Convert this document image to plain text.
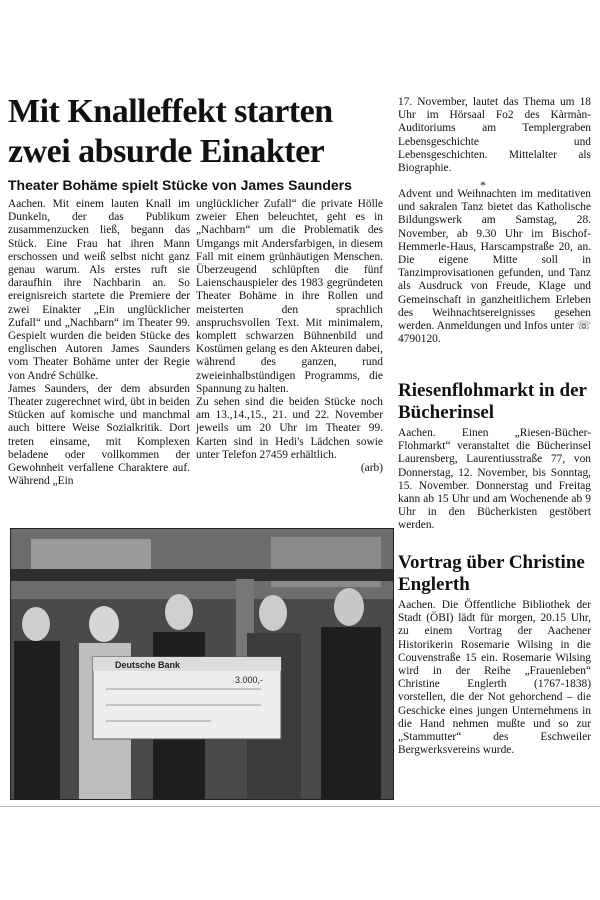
Mit Knalleffekt starten zwei absurde Einakter
Theater Bohäme spielt Stücke von James Saunders

Aachen. Mit einem lauten Knall im Dunkeln, der das Publikum zusammenzucken ließ, begann das Stück. Eine Frau hat ihren Mann erschossen und weiß selbst nicht ganz genau warum. Als erstes ruft sie daraufhin ihre Nachbarin an. So ereignisreich startete die Premiere der zwei Einakter „Ein unglücklicher Zufall“ und „Nachbarn“ im Theater 99. Gespielt wurden die beiden Stücke des englischen Autoren James Saunders vom Theater Bohäme unter der Regie von André Schülke.

James Saunders, der dem absurden Theater zugerechnet wird, übt in beiden Stücken auf komische und manchmal auch bittere Weise Sozialkritik. Dort treten einsame, mit Komplexen beladene oder vollkommen der Gewohnheit verfallene Charaktere auf. Während „Ein

unglücklicher Zufall“ die private Hölle zweier Ehen beleuchtet, geht es in „Nachbarn“ um die Problematik des Umgangs mit Andersfarbigen, in diesem Fall mit einem grünhäutigen Menschen. Überzeugend schlüpften die fünf Laienschauspieler des 1983 gegründeten Theater Bohäme in ihre Rollen und meisterten den sprachlich anspruchsvollen Text. Mit minimalem, komplett schwarzen Bühnenbild und Kostümen gelang es den Akteuren dabei, während des ganzen, rund zweieinhalbstündigen Programms, die Spannung zu halten.

Zu sehen sind die beiden Stücke noch am 13.,14.,15., 21. und 22. November jeweils um 20 Uhr im Theater 99. Karten sind in Hedi's Lädchen sowie unter Telefon 27459 erhältlich.

(arb)

17. November, lautet das Thema um 18 Uhr im Hörsaal Fo2 des Kàrmàn-Auditoriums am Templergraben Lebensgeschichte und Lebensgeschichten. Mittelalter als Biographie.
*
Advent und Weihnachten im meditativen und sakralen Tanz bietet das Katholische Bildungswerk am Samstag, 28. November, ab 9.30 Uhr im Bischof-Hemmerle-Haus, Harscampstraße 20, an. Die eigene Mitte soll in Tanzimprovisationen gefunden, und Tanz als Ausdruck von Freude, Klage und Gemeinschaft in ganzheitlichem Erleben des Weihnachtsereignisses gesehen werden. Anmeldungen und Infos unter ☏ 4790120.
Riesenflohmarkt in der Bücherinsel
Aachen. Einen „Riesen-Bücher-Flohmarkt“ veranstaltet die Bücherinsel Laurensberg, Laurentiusstraße 77, von Donnerstag, 12. November, bis Sonntag, 15. November. Donnerstag und Freitag kann ab 15 Uhr und am Wochenende ab 9 Uhr in den Bücherkisten gestöbert werden.
Vortrag über Christine Englerth
Aachen. Die Öffentliche Bibliothek der Stadt (ÖBI) lädt für morgen, 20.15 Uhr, zu einem Vortrag der Aachener Historikerin Rosemarie Wilsing in die Couvenstraße 15 ein. Rosemarie Wilsing wird in der Reihe „Frauenleben“ Christine Englerth (1767-1838) vorstellen, die der Not gehorchend – die Geschicke eines jungen Unternehmens in die Hand nehmen mußte und so zur „Stammutter“ des Eschweiler Bergwerksvereins wurde.
Deutsche Bank
3.000,-
